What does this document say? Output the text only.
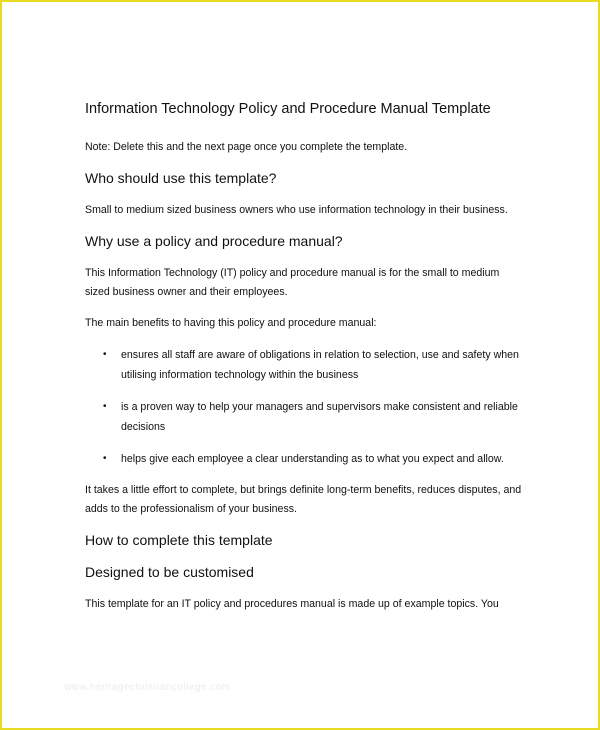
Information Technology Policy and Procedure Manual Template

Note: Delete this and the next page once you complete the template.

Who should use this template?

Small to medium sized business owners who use information technology in their business.

Why use a policy and procedure manual?

This Information Technology (IT) policy and procedure manual is for the small to medium sized business owner and their employees.

The main benefits to having this policy and procedure manual:

• ensures all staff are aware of obligations in relation to selection, use and safety when utilising information technology within the business
• is a proven way to help your managers and supervisors make consistent and reliable decisions
• helps give each employee a clear understanding as to what you expect and allow.

It takes a little effort to complete, but brings definite long-term benefits, reduces disputes, and adds to the professionalism of your business.

How to complete this template
Designed to be customised

This template for an IT policy and procedures manual is made up of example topics. You

www.heritagechristiancollege.com
